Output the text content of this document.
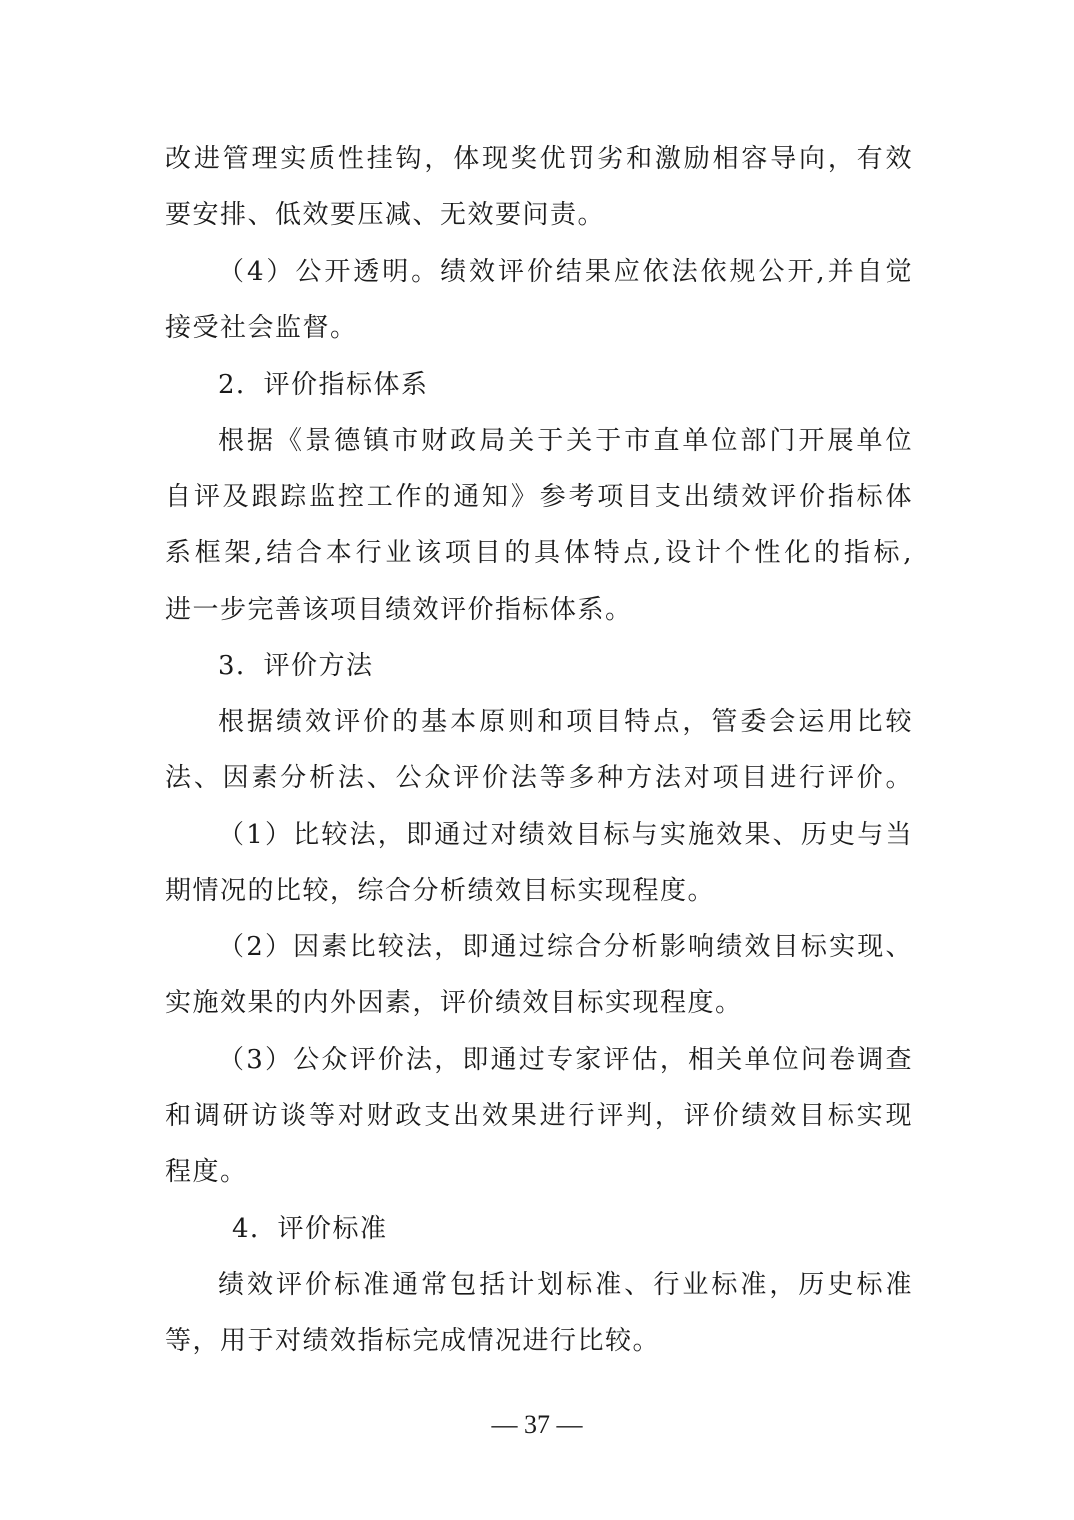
改进管理实质性挂钩，体现奖优罚劣和激励相容导向，有效
要安排、低效要压减、无效要问责。
（4）公开透明。绩效评价结果应依法依规公开,并自觉
接受社会监督。
2．评价指标体系
根据《景德镇市财政局关于关于市直单位部门开展单位
自评及跟踪监控工作的通知》参考项目支出绩效评价指标体
系框架,结合本行业该项目的具体特点,设计个性化的指标,
进一步完善该项目绩效评价指标体系。
3．评价方法
根据绩效评价的基本原则和项目特点，管委会运用比较
法、因素分析法、公众评价法等多种方法对项目进行评价。
（1）比较法，即通过对绩效目标与实施效果、历史与当
期情况的比较，综合分析绩效目标实现程度。
（2）因素比较法，即通过综合分析影响绩效目标实现、
实施效果的内外因素，评价绩效目标实现程度。
（3）公众评价法，即通过专家评估，相关单位问卷调查
和调研访谈等对财政支出效果进行评判，评价绩效目标实现
程度。
4．评价标准
绩效评价标准通常包括计划标准、行业标准，历史标准
等，用于对绩效指标完成情况进行比较。
— 37 —
